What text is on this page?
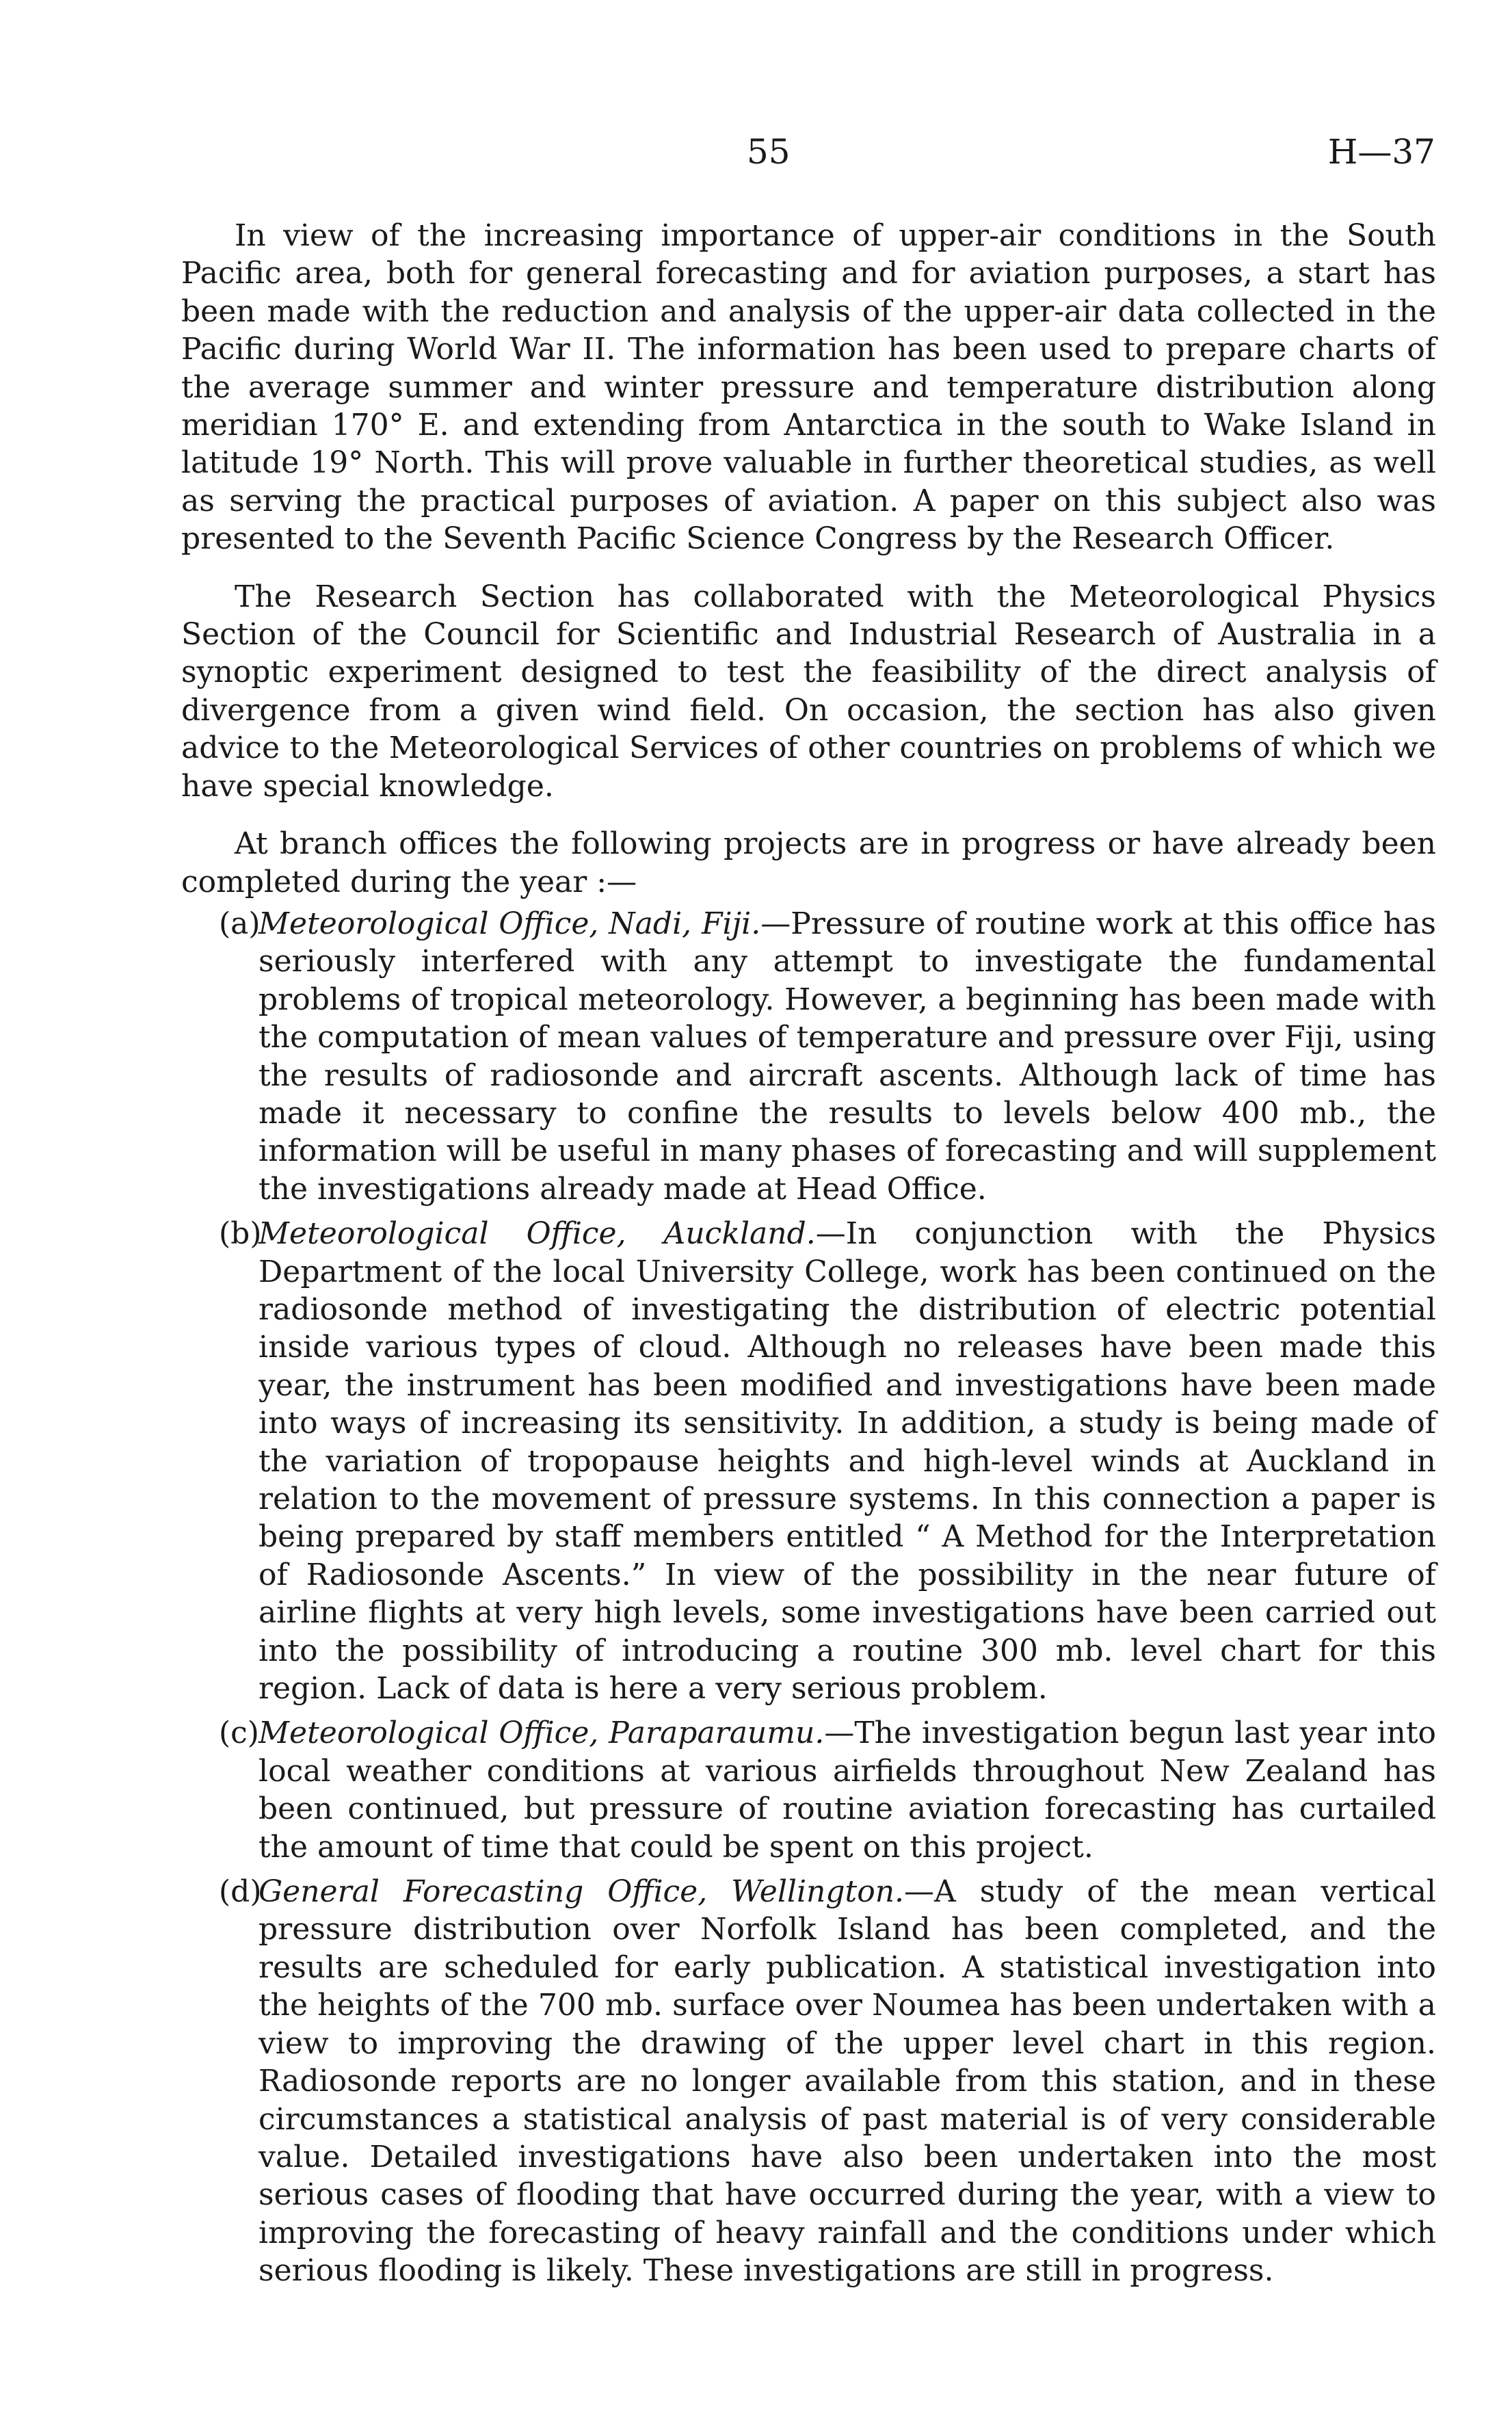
55	H—37

In view of the increasing importance of upper-air conditions in the South Pacific area, both for general forecasting and for aviation purposes, a start has been made with the reduction and analysis of the upper-air data collected in the Pacific during World War II. The information has been used to prepare charts of the average summer and winter pressure and temperature distribution along meridian 170° E. and extending from Antarctica in the south to Wake Island in latitude 19° North. This will prove valuable in further theoretical studies, as well as serving the practical purposes of aviation. A paper on this subject also was presented to the Seventh Pacific Science Congress by the Research Officer.

The Research Section has collaborated with the Meteorological Physics Section of the Council for Scientific and Industrial Research of Australia in a synoptic experiment designed to test the feasibility of the direct analysis of divergence from a given wind field. On occasion, the section has also given advice to the Meteorological Services of other countries on problems of which we have special knowledge.

At branch offices the following projects are in progress or have already been completed during the year :—

(a)
Meteorological Office, Nadi, Fiji.—Pressure of routine work at this office has seriously interfered with any attempt to investigate the fundamental problems of tropical meteorology. However, a beginning has been made with the computation of mean values of temperature and pressure over Fiji, using the results of radiosonde and aircraft ascents. Although lack of time has made it necessary to confine the results to levels below 400 mb., the information will be useful in many phases of forecasting and will supplement the investigations already made at Head Office.
(b)
Meteorological Office, Auckland.—In conjunction with the Physics Department of the local University College, work has been continued on the radiosonde method of investigating the distribution of electric potential inside various types of cloud. Although no releases have been made this year, the instrument has been modified and investigations have been made into ways of increasing its sensitivity. In addition, a study is being made of the variation of tropopause heights and high-level winds at Auckland in relation to the movement of pressure systems. In this connection a paper is being prepared by staff members entitled “ A Method for the Interpretation of Radiosonde Ascents.” In view of the possibility in the near future of airline flights at very high levels, some investigations have been carried out into the possibility of introducing a routine 300 mb. level chart for this region. Lack of data is here a very serious problem.
(c) Meteorological Office, Paraparaumu.—The investigation begun last year into local weather conditions at various airfields throughout New Zealand has been continued, but pressure of routine aviation forecasting has curtailed the amount of time that could be spent on this project.
(d)
General Forecasting Office, Wellington.—A study of the mean vertical pressure distribution over Norfolk Island has been completed, and the results are scheduled for early publication. A statistical investigation into the heights of the 700 mb. surface over Noumea has been undertaken with a view to improving the drawing of the upper level chart in this region. Radiosonde reports are no longer available from this station, and in these circumstances a statistical analysis of past material is of very considerable value. Detailed investigations have also been undertaken into the most serious cases of flooding that have occurred during the year, with a view to improving the forecasting of heavy rainfall and the conditions under which serious flooding is likely. These investigations are still in progress.
